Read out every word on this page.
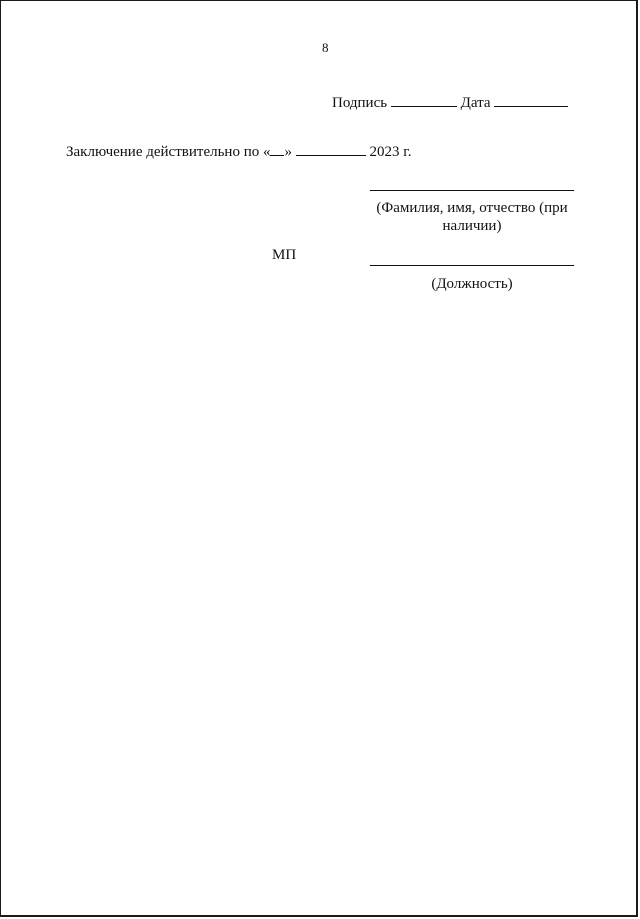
8
Подпись	Дата
Заключение действительно по « »	2023 г.
(Фамилия, имя, отчество (при наличии)
МП
(Должность)
